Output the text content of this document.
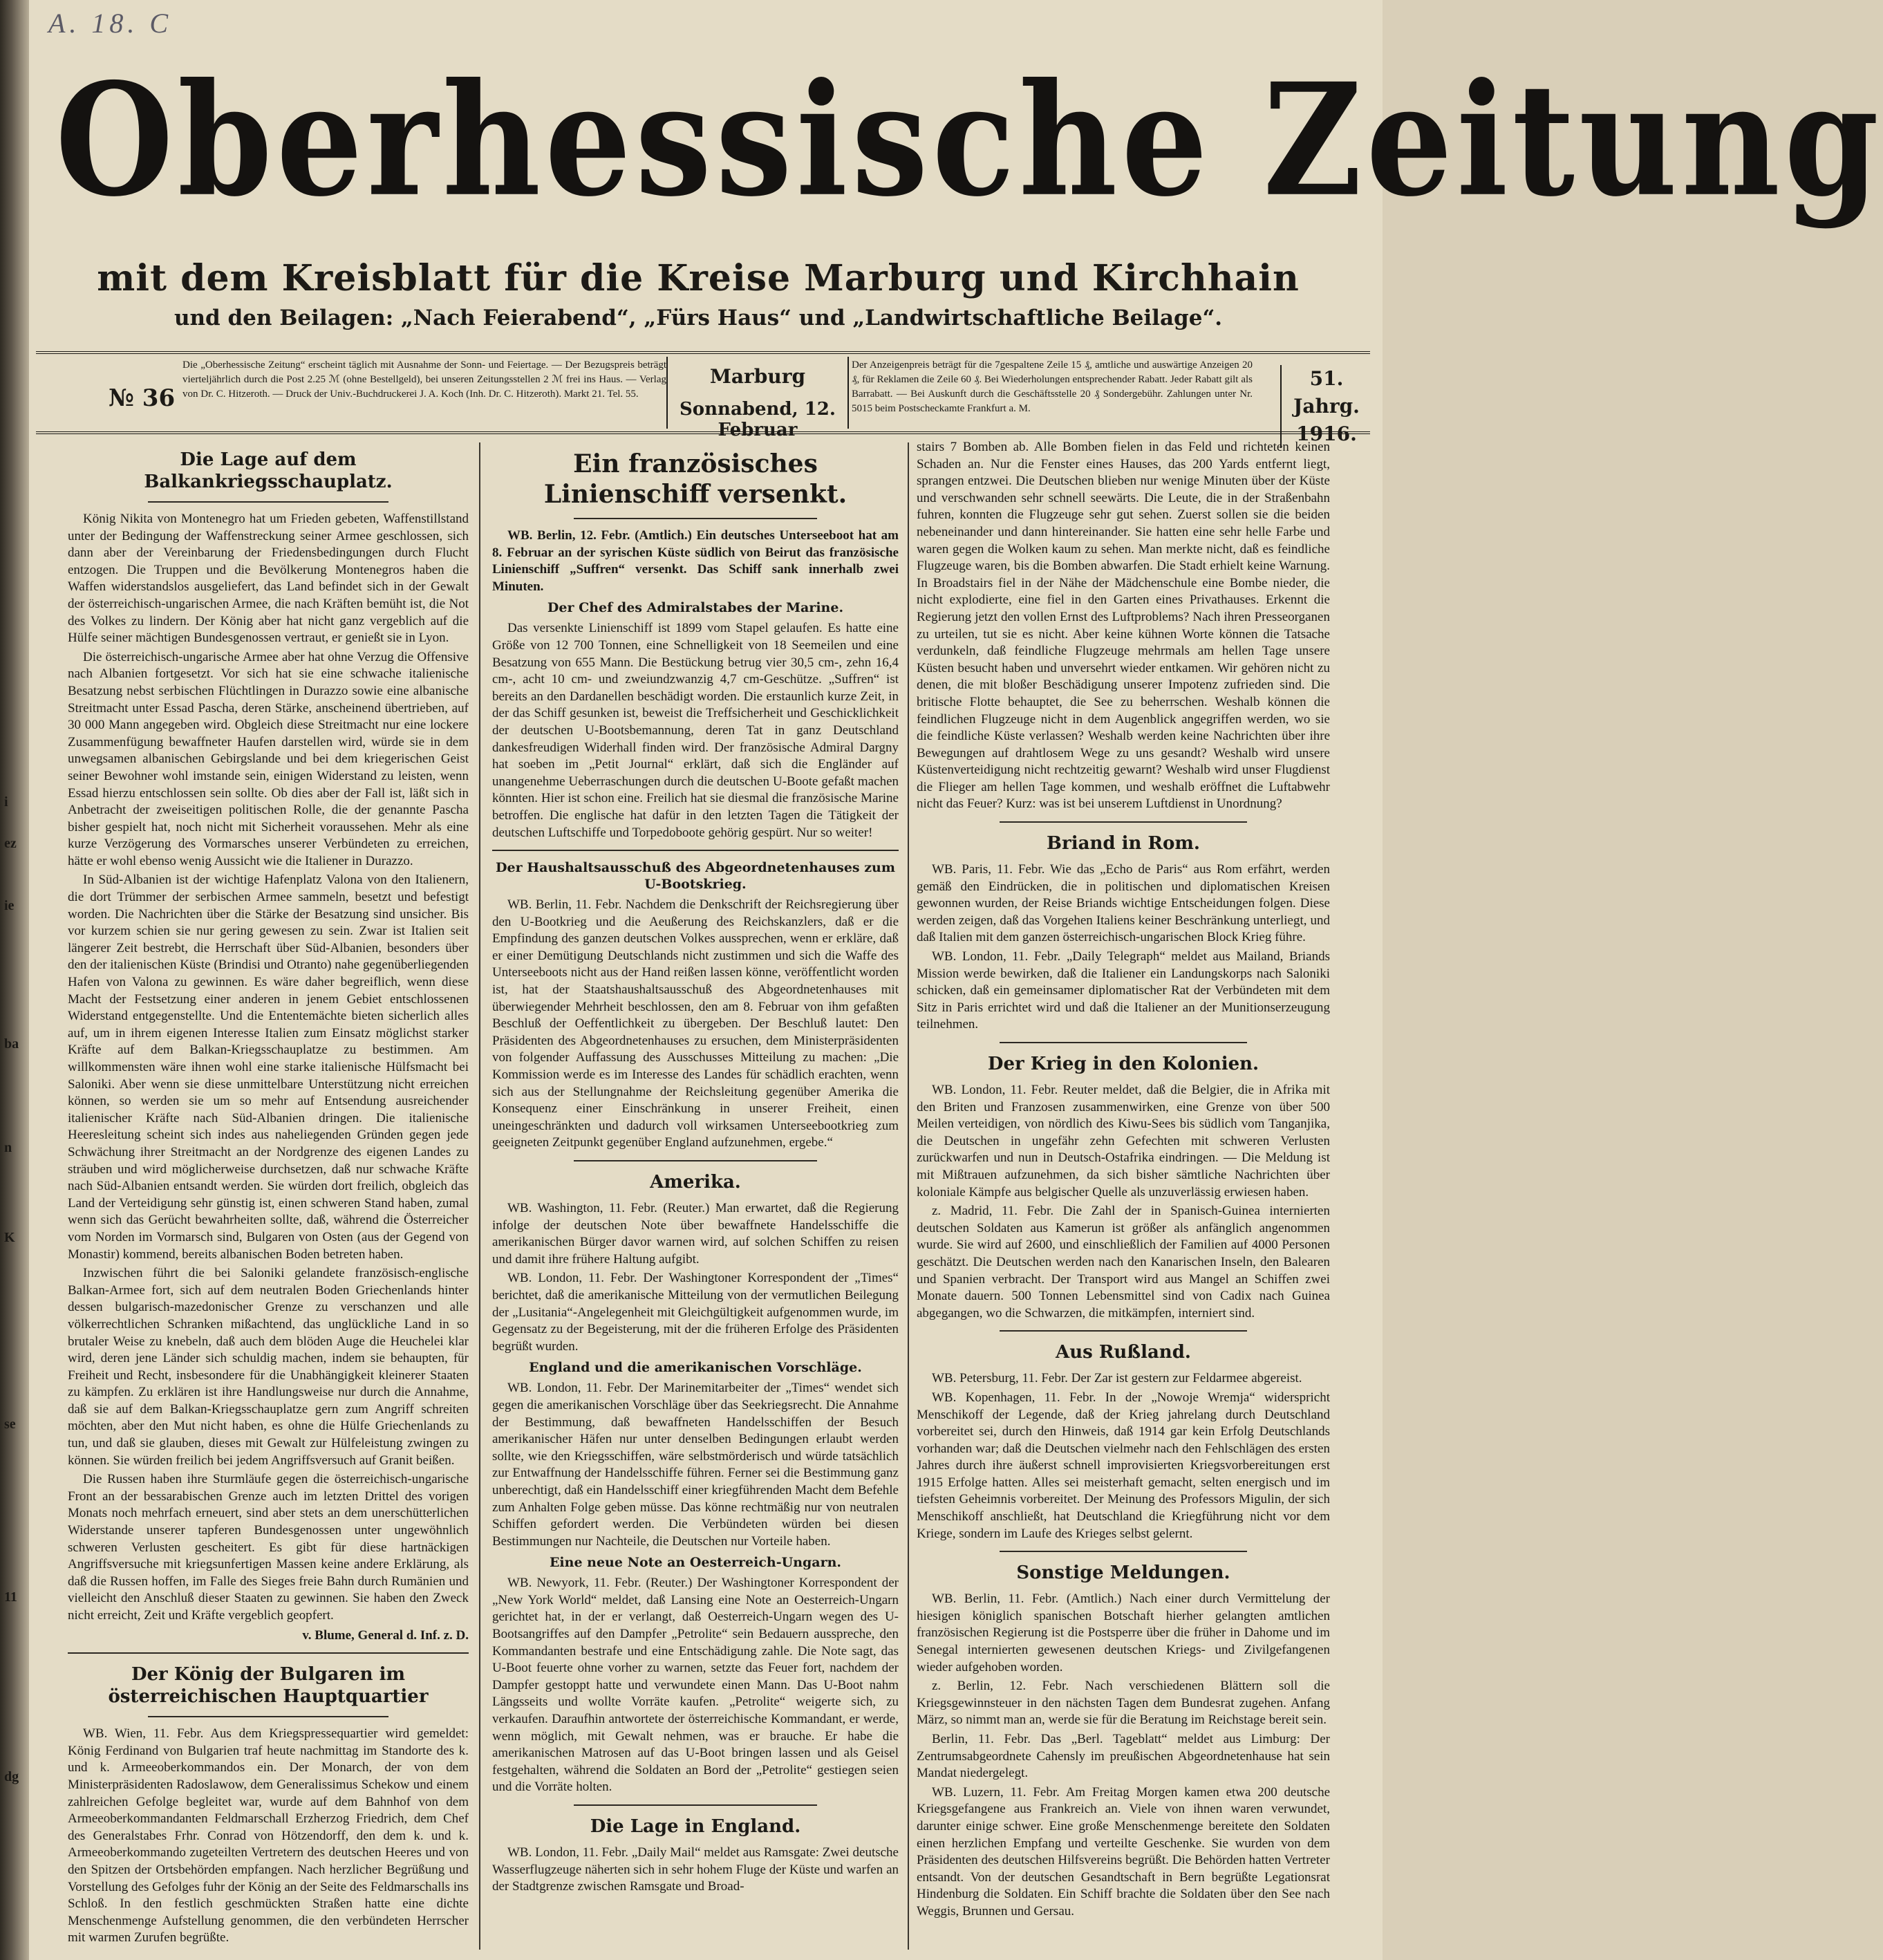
i
ez
ie
ba
n
K
se
11
dg
A. 18. C
Oberhessische Zeitung
mit dem Kreisblatt für die Kreise Marburg und Kirchhain
und den Beilagen: „Nach Feierabend“, „Fürs Haus“ und „Landwirtschaftliche Beilage“.
№ 36
Die „Oberhessische Zeitung“ erscheint täglich mit Ausnahme der Sonn- und Feiertage. — Der Bezugspreis beträgt vierteljährlich durch die Post 2.25 ℳ (ohne Bestellgeld), bei unseren Zeitungsstellen 2 ℳ frei ins Haus. — Verlag von Dr. C. Hitzeroth. — Druck der Univ.-Buchdruckerei J. A. Koch (Inh. Dr. C. Hitzeroth). Markt 21. Tel. 55.
Marburg
Sonnabend, 12. Februar
Der Anzeigenpreis beträgt für die 7gespaltene Zeile 15 ₰, amtliche und auswärtige Anzeigen 20 ₰, für Reklamen die Zeile 60 ₰. Bei Wiederholungen entsprechender Rabatt. Jeder Rabatt gilt als Barrabatt. — Bei Auskunft durch die Geschäftsstelle 20 ₰ Sondergebühr. Zahlungen unter Nr. 5015 beim Postscheckamte Frankfurt a. M.
51. Jahrg.
1916.
Die Lage auf dem Balkankriegsschauplatz.

König Nikita von Montenegro hat um Frieden gebeten, Waffenstillstand unter der Bedingung der Waffenstreckung seiner Armee geschlossen, sich dann aber der Vereinbarung der Friedensbedingungen durch Flucht entzogen. Die Truppen und die Bevölkerung Montenegros haben die Waffen widerstandslos ausgeliefert, das Land befindet sich in der Gewalt der österreichisch-ungarischen Armee, die nach Kräften bemüht ist, die Not des Volkes zu lindern. Der König aber hat nicht ganz vergeblich auf die Hülfe seiner mächtigen Bundesgenossen vertraut, er genießt sie in Lyon.

Die österreichisch-ungarische Armee aber hat ohne Verzug die Offensive nach Albanien fortgesetzt. Vor sich hat sie eine schwache italienische Besatzung nebst serbischen Flüchtlingen in Durazzo sowie eine albanische Streitmacht unter Essad Pascha, deren Stärke, anscheinend übertrieben, auf 30 000 Mann angegeben wird. Obgleich diese Streitmacht nur eine lockere Zusammenfügung bewaffneter Haufen darstellen wird, würde sie in dem unwegsamen albanischen Gebirgslande und bei dem kriegerischen Geist seiner Bewohner wohl imstande sein, einigen Widerstand zu leisten, wenn Essad hierzu entschlossen sein sollte. Ob dies aber der Fall ist, läßt sich in Anbetracht der zweiseitigen politischen Rolle, die der genannte Pascha bisher gespielt hat, noch nicht mit Sicherheit voraussehen. Mehr als eine kurze Verzögerung des Vormarsches unserer Verbündeten zu erreichen, hätte er wohl ebenso wenig Aussicht wie die Italiener in Durazzo.

In Süd-Albanien ist der wichtige Hafenplatz Valona von den Italienern, die dort Trümmer der serbischen Armee sammeln, besetzt und befestigt worden. Die Nachrichten über die Stärke der Besatzung sind unsicher. Bis vor kurzem schien sie nur gering gewesen zu sein. Zwar ist Italien seit längerer Zeit bestrebt, die Herrschaft über Süd-Albanien, besonders über den der italienischen Küste (Brindisi und Otranto) nahe gegenüberliegenden Hafen von Valona zu gewinnen. Es wäre daher begreiflich, wenn diese Macht der Festsetzung einer anderen in jenem Gebiet entschlossenen Widerstand entgegenstellte. Und die Ententemächte bieten sicherlich alles auf, um in ihrem eigenen Interesse Italien zum Einsatz möglichst starker Kräfte auf dem Balkan-Kriegsschauplatze zu bestimmen. Am willkommensten wäre ihnen wohl eine starke italienische Hülfsmacht bei Saloniki. Aber wenn sie diese unmittelbare Unterstützung nicht erreichen können, so werden sie um so mehr auf Entsendung ausreichender italienischer Kräfte nach Süd-Albanien dringen. Die italienische Heeresleitung scheint sich indes aus naheliegenden Gründen gegen jede Schwächung ihrer Streitmacht an der Nordgrenze des eigenen Landes zu sträuben und wird möglicherweise durchsetzen, daß nur schwache Kräfte nach Süd-Albanien entsandt werden. Sie würden dort freilich, obgleich das Land der Verteidigung sehr günstig ist, einen schweren Stand haben, zumal wenn sich das Gerücht bewahrheiten sollte, daß, während die Österreicher vom Norden im Vormarsch sind, Bulgaren von Osten (aus der Gegend von Monastir) kommend, bereits albanischen Boden betreten haben.

Inzwischen führt die bei Saloniki gelandete französisch-englische Balkan-Armee fort, sich auf dem neutralen Boden Griechenlands hinter dessen bulgarisch-mazedonischer Grenze zu verschanzen und alle völkerrechtlichen Schranken mißachtend, das unglückliche Land in so brutaler Weise zu knebeln, daß auch dem blöden Auge die Heuchelei klar wird, deren jene Länder sich schuldig machen, indem sie behaupten, für Freiheit und Recht, insbesondere für die Unabhängigkeit kleinerer Staaten zu kämpfen. Zu erklären ist ihre Handlungsweise nur durch die Annahme, daß sie auf dem Balkan-Kriegsschauplatze gern zum Angriff schreiten möchten, aber den Mut nicht haben, es ohne die Hülfe Griechenlands zu tun, und daß sie glauben, dieses mit Gewalt zur Hülfeleistung zwingen zu können. Sie würden freilich bei jedem Angriffsversuch auf Granit beißen.

Die Russen haben ihre Sturmläufe gegen die österreichisch-ungarische Front an der bessarabischen Grenze auch im letzten Drittel des vorigen Monats noch mehrfach erneuert, sind aber stets an dem unerschütterlichen Widerstande unserer tapferen Bundesgenossen unter ungewöhnlich schweren Verlusten gescheitert. Es gibt für diese hartnäckigen Angriffsversuche mit kriegsunfertigen Massen keine andere Erklärung, als daß die Russen hoffen, im Falle des Sieges freie Bahn durch Rumänien und vielleicht den Anschluß dieser Staaten zu gewinnen. Sie haben den Zweck nicht erreicht, Zeit und Kräfte vergeblich geopfert.

v. Blume, General d. Inf. z. D.
Der König der Bulgaren im österreichischen Hauptquartier

WB. Wien, 11. Febr. Aus dem Kriegspressequartier wird gemeldet: König Ferdinand von Bulgarien traf heute nachmittag im Standorte des k. und k. Armeeoberkommandos ein. Der Monarch, der von dem Ministerpräsidenten Radoslawow, dem Generalissimus Schekow und einem zahlreichen Gefolge begleitet war, wurde auf dem Bahnhof von dem Armeeoberkommandanten Feldmarschall Erzherzog Friedrich, dem Chef des Generalstabes Frhr. Conrad von Hötzendorff, den dem k. und k. Armeeoberkommando zugeteilten Vertretern des deutschen Heeres und von den Spitzen der Ortsbehörden empfangen. Nach herzlicher Begrüßung und Vorstellung des Gefolges fuhr der König an der Seite des Feldmarschalls ins Schloß. In den festlich geschmückten Straßen hatte eine dichte Menschenmenge Aufstellung genommen, die den verbündeten Herrscher mit warmen Zurufen begrüßte.

Ein französisches Linienschiff versenkt.

WB. Berlin, 12. Febr. (Amtlich.) Ein deutsches Unterseeboot hat am 8. Februar an der syrischen Küste südlich von Beirut das französische Linienschiff „Suffren“ versenkt. Das Schiff sank innerhalb zwei Minuten.

Der Chef des Admiralstabes der Marine.

Das versenkte Linienschiff ist 1899 vom Stapel gelaufen. Es hatte eine Größe von 12 700 Tonnen, eine Schnelligkeit von 18 Seemeilen und eine Besatzung von 655 Mann. Die Bestückung betrug vier 30,5 cm-, zehn 16,4 cm-, acht 10 cm- und zweiundzwanzig 4,7 cm-Geschütze. „Suffren“ ist bereits an den Dardanellen beschädigt worden. Die erstaunlich kurze Zeit, in der das Schiff gesunken ist, beweist die Treffsicherheit und Geschicklichkeit der deutschen U-Bootsbemannung, deren Tat in ganz Deutschland dankesfreudigen Widerhall finden wird. Der französische Admiral Dargny hat soeben im „Petit Journal“ erklärt, daß sich die Engländer auf unangenehme Ueberraschungen durch die deutschen U-Boote gefaßt machen könnten. Hier ist schon eine. Freilich hat sie diesmal die französische Marine betroffen. Die englische hat dafür in den letzten Tagen die Tätigkeit der deutschen Luftschiffe und Torpedoboote gehörig gespürt. Nur so weiter!

Der Haushaltsausschuß des Abgeordnetenhauses zum U-Bootskrieg.

WB. Berlin, 11. Febr. Nachdem die Denkschrift der Reichsregierung über den U-Bootkrieg und die Aeußerung des Reichskanzlers, daß er die Empfindung des ganzen deutschen Volkes aussprechen, wenn er erkläre, daß er einer Demütigung Deutschlands nicht zustimmen und sich die Waffe des Unterseeboots nicht aus der Hand reißen lassen könne, veröffentlicht worden ist, hat der Staatshaushaltsausschuß des Abgeordnetenhauses mit überwiegender Mehrheit beschlossen, den am 8. Februar von ihm gefaßten Beschluß der Oeffentlichkeit zu übergeben. Der Beschluß lautet: Den Präsidenten des Abgeordnetenhauses zu ersuchen, dem Ministerpräsidenten von folgender Auffassung des Ausschusses Mitteilung zu machen: „Die Kommission werde es im Interesse des Landes für schädlich erachten, wenn sich aus der Stellungnahme der Reichsleitung gegenüber Amerika die Konsequenz einer Einschränkung in unserer Freiheit, einen uneingeschränkten und dadurch voll wirksamen Unterseebootkrieg zum geeigneten Zeitpunkt gegenüber England aufzunehmen, ergebe.“

Amerika.

WB. Washington, 11. Febr. (Reuter.) Man erwartet, daß die Regierung infolge der deutschen Note über bewaffnete Handelsschiffe die amerikanischen Bürger davor warnen wird, auf solchen Schiffen zu reisen und damit ihre frühere Haltung aufgibt.

WB. London, 11. Febr. Der Washingtoner Korrespondent der „Times“ berichtet, daß die amerikanische Mitteilung von der vermutlichen Beilegung der „Lusitania“-Angelegenheit mit Gleichgültigkeit aufgenommen wurde, im Gegensatz zu der Begeisterung, mit der die früheren Erfolge des Präsidenten begrüßt wurden.

England und die amerikanischen Vorschläge.

WB. London, 11. Febr. Der Marinemitarbeiter der „Times“ wendet sich gegen die amerikanischen Vorschläge über das Seekriegsrecht. Die Annahme der Bestimmung, daß bewaffneten Handelsschiffen der Besuch amerikanischer Häfen nur unter denselben Bedingungen erlaubt werden sollte, wie den Kriegsschiffen, wäre selbstmörderisch und würde tatsächlich zur Entwaffnung der Handelsschiffe führen. Ferner sei die Bestimmung ganz unberechtigt, daß ein Handelsschiff einer kriegführenden Macht dem Befehle zum Anhalten Folge geben müsse. Das könne rechtmäßig nur von neutralen Schiffen gefordert werden. Die Verbündeten würden bei diesen Bestimmungen nur Nachteile, die Deutschen nur Vorteile haben.

Eine neue Note an Oesterreich-Ungarn.

WB. Newyork, 11. Febr. (Reuter.) Der Washingtoner Korrespondent der „New York World“ meldet, daß Lansing eine Note an Oesterreich-Ungarn gerichtet hat, in der er verlangt, daß Oesterreich-Ungarn wegen des U-Bootsangriffes auf den Dampfer „Petrolite“ sein Bedauern ausspreche, den Kommandanten bestrafe und eine Entschädigung zahle. Die Note sagt, das U-Boot feuerte ohne vorher zu warnen, setzte das Feuer fort, nachdem der Dampfer gestoppt hatte und verwundete einen Mann. Das U-Boot nahm Längsseits und wollte Vorräte kaufen. „Petrolite“ weigerte sich, zu verkaufen. Daraufhin antwortete der österreichische Kommandant, er werde, wenn möglich, mit Gewalt nehmen, was er brauche. Er habe die amerikanischen Matrosen auf das U-Boot bringen lassen und als Geisel festgehalten, während die Soldaten an Bord der „Petrolite“ gestiegen seien und die Vorräte holten.

Die Lage in England.

WB. London, 11. Febr. „Daily Mail“ meldet aus Ramsgate: Zwei deutsche Wasserflugzeuge näherten sich in sehr hohem Fluge der Küste und warfen an der Stadtgrenze zwischen Ramsgate und Broad-

stairs 7 Bomben ab. Alle Bomben fielen in das Feld und richteten keinen Schaden an. Nur die Fenster eines Hauses, das 200 Yards entfernt liegt, sprangen entzwei. Die Deutschen blieben nur wenige Minuten über der Küste und verschwanden sehr schnell seewärts. Die Leute, die in der Straßenbahn fuhren, konnten die Flugzeuge sehr gut sehen. Zuerst sollen sie die beiden nebeneinander und dann hintereinander. Sie hatten eine sehr helle Farbe und waren gegen die Wolken kaum zu sehen. Man merkte nicht, daß es feindliche Flugzeuge waren, bis die Bomben abwarfen. Die Stadt erhielt keine Warnung. In Broadstairs fiel in der Nähe der Mädchenschule eine Bombe nieder, die nicht explodierte, eine fiel in den Garten eines Privathauses. Erkennt die Regierung jetzt den vollen Ernst des Luftproblems? Nach ihren Presseorganen zu urteilen, tut sie es nicht. Aber keine kühnen Worte können die Tatsache verdunkeln, daß feindliche Flugzeuge mehrmals am hellen Tage unsere Küsten besucht haben und unversehrt wieder entkamen. Wir gehören nicht zu denen, die mit bloßer Beschädigung unserer Impotenz zufrieden sind. Die britische Flotte behauptet, die See zu beherrschen. Weshalb können die feindlichen Flugzeuge nicht in dem Augenblick angegriffen werden, wo sie die feindliche Küste verlassen? Weshalb werden keine Nachrichten über ihre Bewegungen auf drahtlosem Wege zu uns gesandt? Weshalb wird unsere Küstenverteidigung nicht rechtzeitig gewarnt? Weshalb wird unser Flugdienst die Flieger am hellen Tage kommen, und weshalb eröffnet die Luftabwehr nicht das Feuer? Kurz: was ist bei unserem Luftdienst in Unordnung?

Briand in Rom.

WB. Paris, 11. Febr. Wie das „Echo de Paris“ aus Rom erfährt, werden gemäß den Eindrücken, die in politischen und diplomatischen Kreisen gewonnen wurden, der Reise Briands wichtige Entscheidungen folgen. Diese werden zeigen, daß das Vorgehen Italiens keiner Beschränkung unterliegt, und daß Italien mit dem ganzen österreichisch-ungarischen Block Krieg führe.

WB. London, 11. Febr. „Daily Telegraph“ meldet aus Mailand, Briands Mission werde bewirken, daß die Italiener ein Landungskorps nach Saloniki schicken, daß ein gemeinsamer diplomatischer Rat der Verbündeten mit dem Sitz in Paris errichtet wird und daß die Italiener an der Munitionserzeugung teilnehmen.

Der Krieg in den Kolonien.

WB. London, 11. Febr. Reuter meldet, daß die Belgier, die in Afrika mit den Briten und Franzosen zusammenwirken, eine Grenze von über 500 Meilen verteidigen, von nördlich des Kiwu-Sees bis südlich vom Tanganjika, die Deutschen in ungefähr zehn Gefechten mit schweren Verlusten zurückwarfen und nun in Deutsch-Ostafrika eindringen. — Die Meldung ist mit Mißtrauen aufzunehmen, da sich bisher sämtliche Nachrichten über koloniale Kämpfe aus belgischer Quelle als unzuverlässig erwiesen haben.

z. Madrid, 11. Febr. Die Zahl der in Spanisch-Guinea internierten deutschen Soldaten aus Kamerun ist größer als anfänglich angenommen wurde. Sie wird auf 2600, und einschließlich der Familien auf 4000 Personen geschätzt. Die Deutschen werden nach den Kanarischen Inseln, den Balearen und Spanien verbracht. Der Transport wird aus Mangel an Schiffen zwei Monate dauern. 500 Tonnen Lebensmittel sind von Cadix nach Guinea abgegangen, wo die Schwarzen, die mitkämpfen, interniert sind.

Aus Rußland.

WB. Petersburg, 11. Febr. Der Zar ist gestern zur Feldarmee abgereist.

WB. Kopenhagen, 11. Febr. In der „Nowoje Wremja“ widerspricht Menschikoff der Legende, daß der Krieg jahrelang durch Deutschland vorbereitet sei, durch den Hinweis, daß 1914 gar kein Erfolg Deutschlands vorhanden war; daß die Deutschen vielmehr nach den Fehlschlägen des ersten Jahres durch ihre äußerst schnell improvisierten Kriegsvorbereitungen erst 1915 Erfolge hatten. Alles sei meisterhaft gemacht, selten energisch und im tiefsten Geheimnis vorbereitet. Der Meinung des Professors Migulin, der sich Menschikoff anschließt, hat Deutschland die Kriegführung nicht vor dem Kriege, sondern im Laufe des Krieges selbst gelernt.

Sonstige Meldungen.

WB. Berlin, 11. Febr. (Amtlich.) Nach einer durch Vermittelung der hiesigen königlich spanischen Botschaft hierher gelangten amtlichen französischen Regierung ist die Postsperre über die früher in Dahome und im Senegal internierten gewesenen deutschen Kriegs- und Zivilgefangenen wieder aufgehoben worden.

z. Berlin, 12. Febr. Nach verschiedenen Blättern soll die Kriegsgewinnsteuer in den nächsten Tagen dem Bundesrat zugehen. Anfang März, so nimmt man an, werde sie für die Beratung im Reichstage bereit sein.

Berlin, 11. Febr. Das „Berl. Tageblatt“ meldet aus Limburg: Der Zentrumsabgeordnete Cahensly im preußischen Abgeordnetenhause hat sein Mandat niedergelegt.

WB. Luzern, 11. Febr. Am Freitag Morgen kamen etwa 200 deutsche Kriegsgefangene aus Frankreich an. Viele von ihnen waren verwundet, darunter einige schwer. Eine große Menschenmenge bereitete den Soldaten einen herzlichen Empfang und verteilte Geschenke. Sie wurden von dem Präsidenten des deutschen Hilfsvereins begrüßt. Die Behörden hatten Vertreter entsandt. Von der deutschen Gesandtschaft in Bern begrüßte Legationsrat Hindenburg die Soldaten. Ein Schiff brachte die Soldaten über den See nach Weggis, Brunnen und Gersau.
